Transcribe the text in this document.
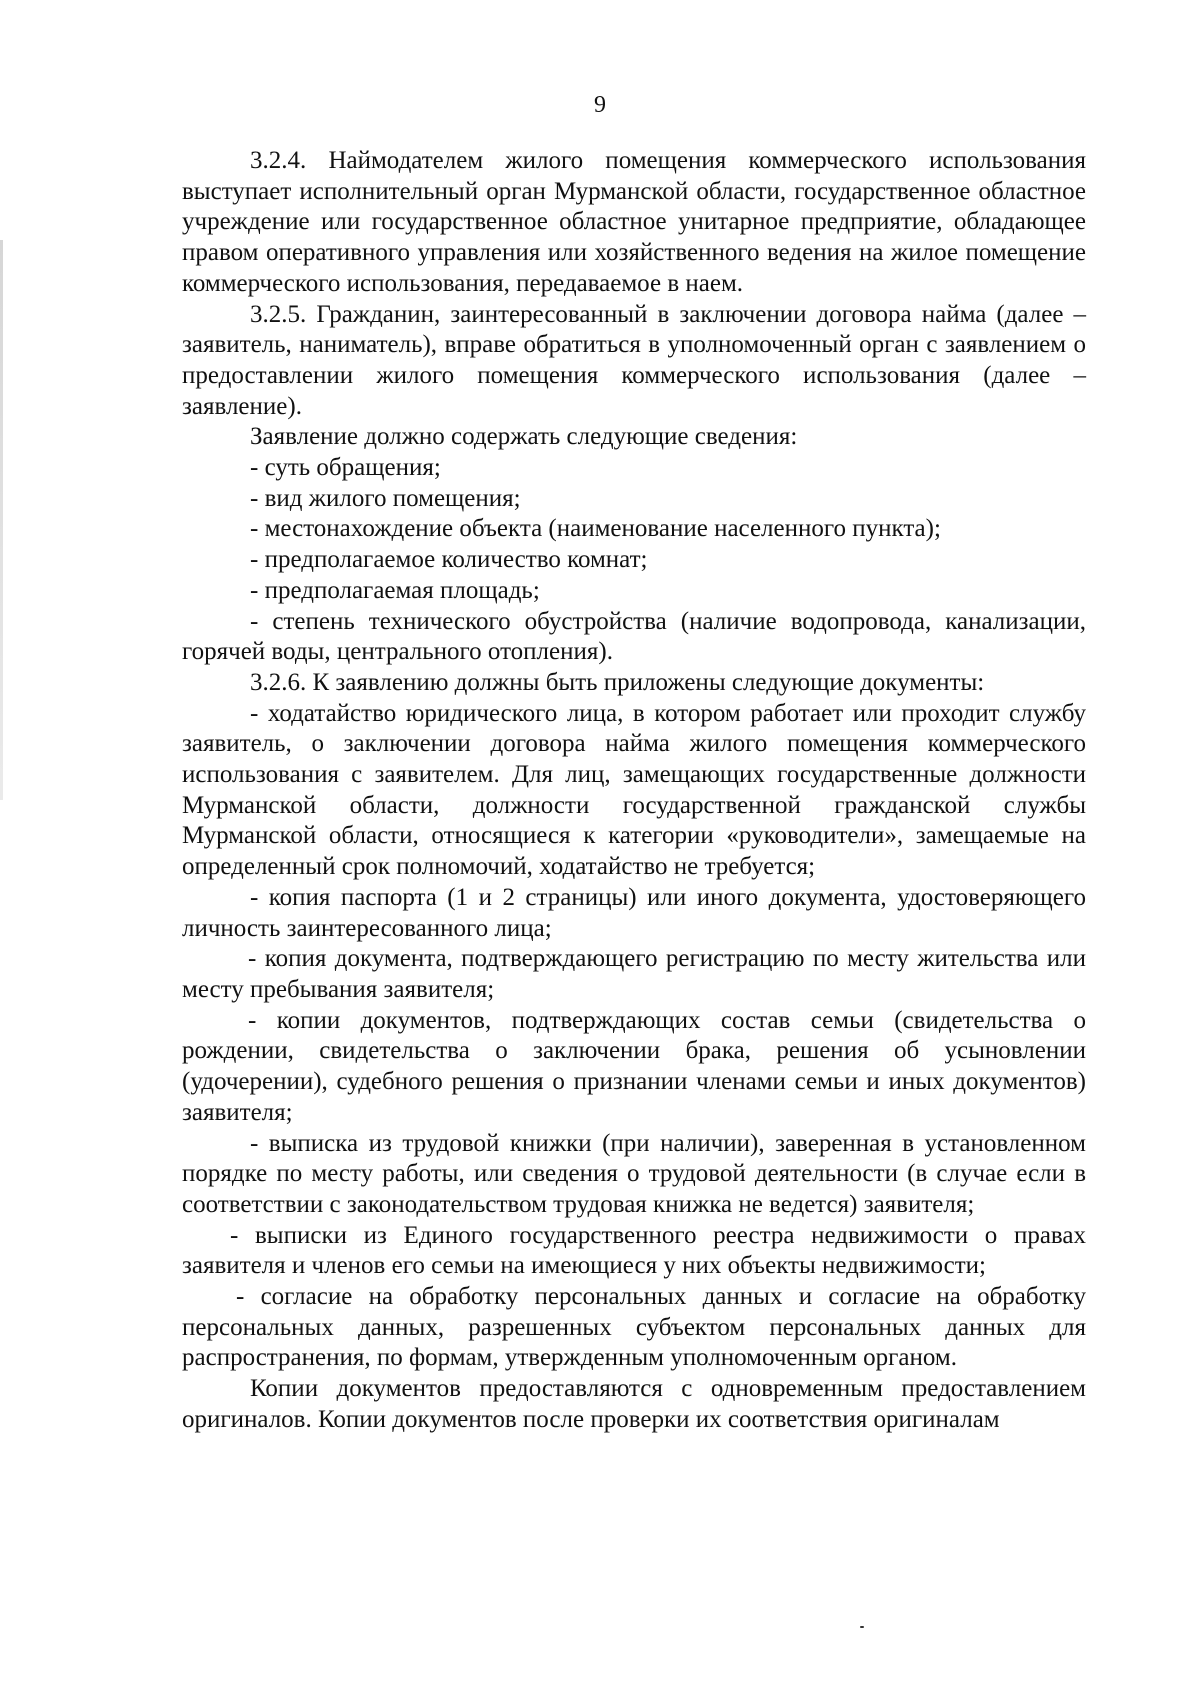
9

3.2.4. Наймодателем жилого помещения коммерческого использования выступает исполнительный орган Мурманской области, государственное областное учреждение или государственное областное унитарное предприятие, обладающее правом оперативного управления или хозяйственного ведения на жилое помещение коммерческого использования, передаваемое в наем.

3.2.5. Гражданин, заинтересованный в заключении договора найма (далее – заявитель, наниматель), вправе обратиться в уполномоченный орган с заявлением о предоставлении жилого помещения коммерческого использования (далее – заявление).

Заявление должно содержать следующие сведения:

- суть обращения;

- вид жилого помещения;

- местонахождение объекта (наименование населенного пункта);

- предполагаемое количество комнат;

- предполагаемая площадь;

- степень технического обустройства (наличие водопровода, канализации, горячей воды, центрального отопления).

3.2.6. К заявлению должны быть приложены следующие документы:

- ходатайство юридического лица, в котором работает или проходит службу заявитель, о заключении договора найма жилого помещения коммерческого использования с заявителем. Для лиц, замещающих государственные должности Мурманской области, должности государственной гражданской службы Мурманской области, относящиеся к категории «руководители», замещаемые на определенный срок полномочий, ходатайство не требуется;

- копия паспорта (1 и 2 страницы) или иного документа, удостоверяющего личность заинтересованного лица;

- копия документа, подтверждающего регистрацию по месту жительства или месту пребывания заявителя;

- копии документов, подтверждающих состав семьи (свидетельства о рождении, свидетельства о заключении брака, решения об усыновлении (удочерении), судебного решения о признании членами семьи и иных документов) заявителя;

- выписка из трудовой книжки (при наличии), заверенная в установленном порядке по месту работы, или сведения о трудовой деятельности (в случае если в соответствии с законодательством трудовая книжка не ведется) заявителя;

- выписки из Единого государственного реестра недвижимости о правах заявителя и членов его семьи на имеющиеся у них объекты недвижимости;

- согласие на обработку персональных данных и согласие на обработку персональных данных, разрешенных субъектом персональных данных для распространения, по формам, утвержденным уполномоченным органом.

Копии документов предоставляются с одновременным предоставлением оригиналов. Копии документов после проверки их соответствия оригиналам
